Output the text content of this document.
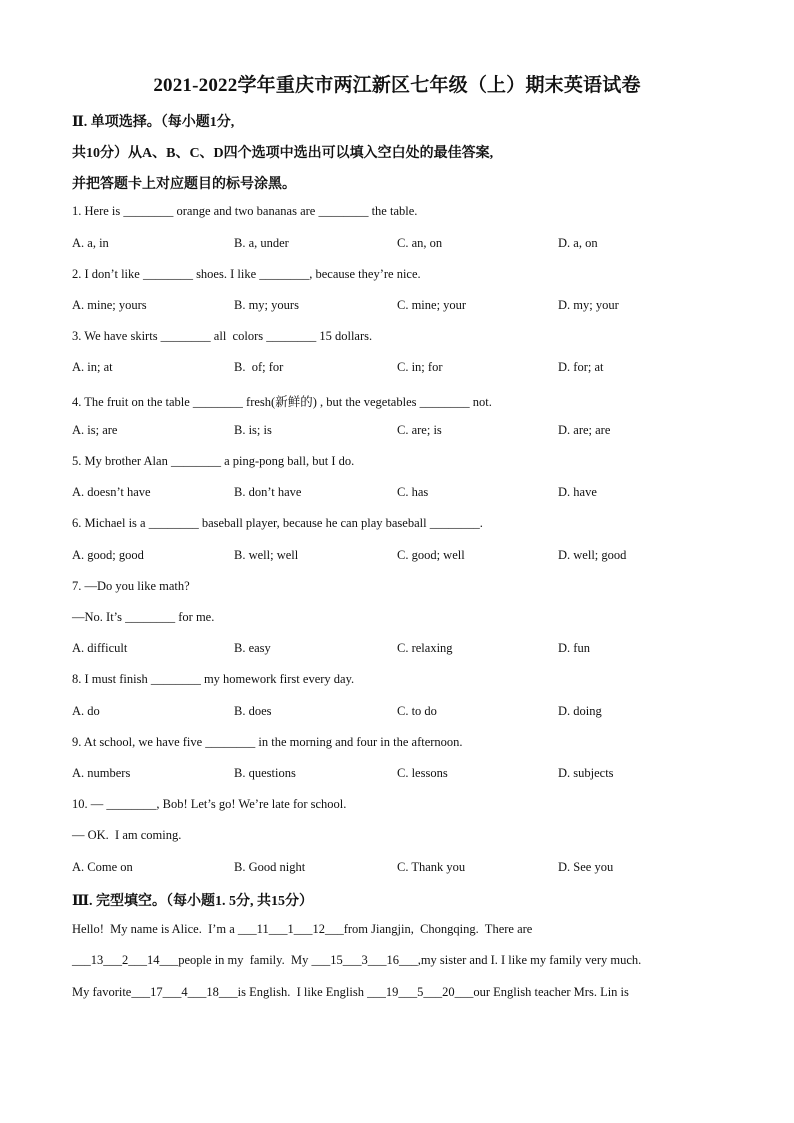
2021-2022学年重庆市两江新区七年级（上）期末英语试卷
Ⅱ. 单项选择。（每小题1分,
共10分）从A、B、C、D四个选项中选出可以填入空白处的最佳答案,
并把答题卡上对应题目的标号涂黑。
1. Here is ________ orange and two bananas are ________ the table.
A. a, in	B. a, under	C. an, on	D. a, on
2. I don’t like ________ shoes. I like ________, because they’re nice.
A. mine; yours	B. my; yours	C. mine; your	D. my; your
3. We have skirts ________ all  colors ________ 15 dollars.
A. in; at	B.  of; for	C. in; for	D. for; at
4. The fruit on the table ________ fresh(新鲜的) , but the vegetables ________ not.
A. is; are	B. is; is	C. are; is	D. are; are
5. My brother Alan ________ a ping-pong ball, but I do.
A. doesn’t have	B. don’t have	C. has	D. have
6. Michael is a ________ baseball player, because he can play baseball ________.
A. good; good	B. well; well	C. good; well	D. well; good
7. —Do you like math?
—No. It’s ________ for me.
A. difficult	B. easy	C. relaxing	D. fun
8. I must finish ________ my homework first every day.
A. do	B. does	C. to do	D. doing
9. At school, we have five ________ in the morning and four in the afternoon.
A. numbers	B. questions	C. lessons	D. subjects
10. — ________, Bob! Let’s go! We’re late for school.
— OK.  I am coming.
A. Come on	B. Good night	C. Thank you	D. See you
Ⅲ. 完型填空。（每小题1. 5分, 共15分）
Hello!  My name is Alice.  I’m a ___11___1___12___from Jiangjin,  Chongqing.  There are
___13___2___14___people in my  family.  My ___15___3___16___,my sister and I. I like my family very much.
My favorite___17___4___18___is English.  I like English ___19___5___20___our English teacher Mrs. Lin is
